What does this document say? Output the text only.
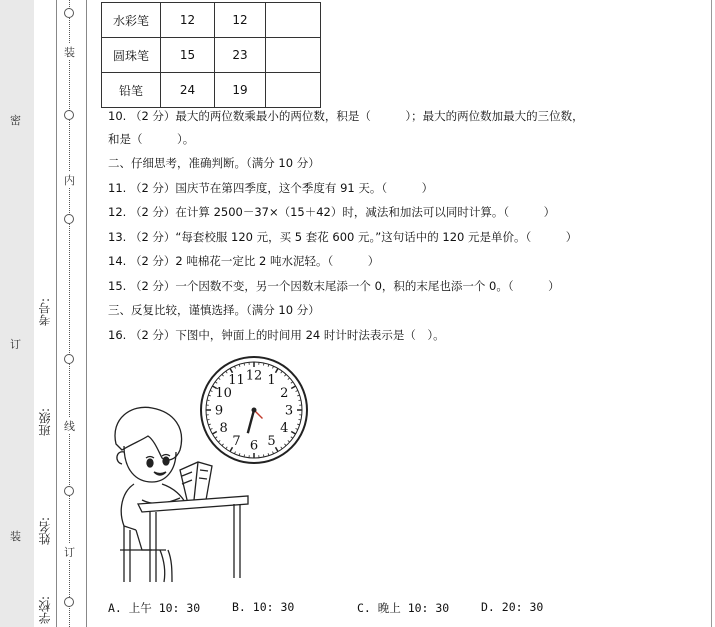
密
订
装
考号:
班级:
姓名:
学校:
装
内
线
订
水彩笔	12	12	
圆珠笔	15	23	
铅笔	24	19	
10. （2 分）最大的两位数乘最小的两位数，积是（　　　）；最大的两位数加最大的三位数，
和是（　　　）。
二、仔细思考，准确判断。（满分 10 分）
11. （2 分）国庆节在第四季度，这个季度有 91 天。（　　　）
12. （2 分）在计算 2500－37×（15＋42）时，减法和加法可以同时计算。（　　　）
13. （2 分）“每套校服 120 元，买 5 套花 600 元。”这句话中的 120 元是单价。（　　　）
14. （2 分）2 吨棉花一定比 2 吨水泥轻。（　　　）
15. （2 分）一个因数不变，另一个因数末尾添一个 0，积的末尾也添一个 0。（　　　）
三、反复比较，谨慎选择。（满分 10 分）
16. （2 分）下图中，钟面上的时间用 24 时计时法表示是（　）。
12 1
2
3
4
5
6
7
8
9
10
11
A. 上午 10: 30	B. 10: 30	C. 晚上 10: 30	D. 20: 30
